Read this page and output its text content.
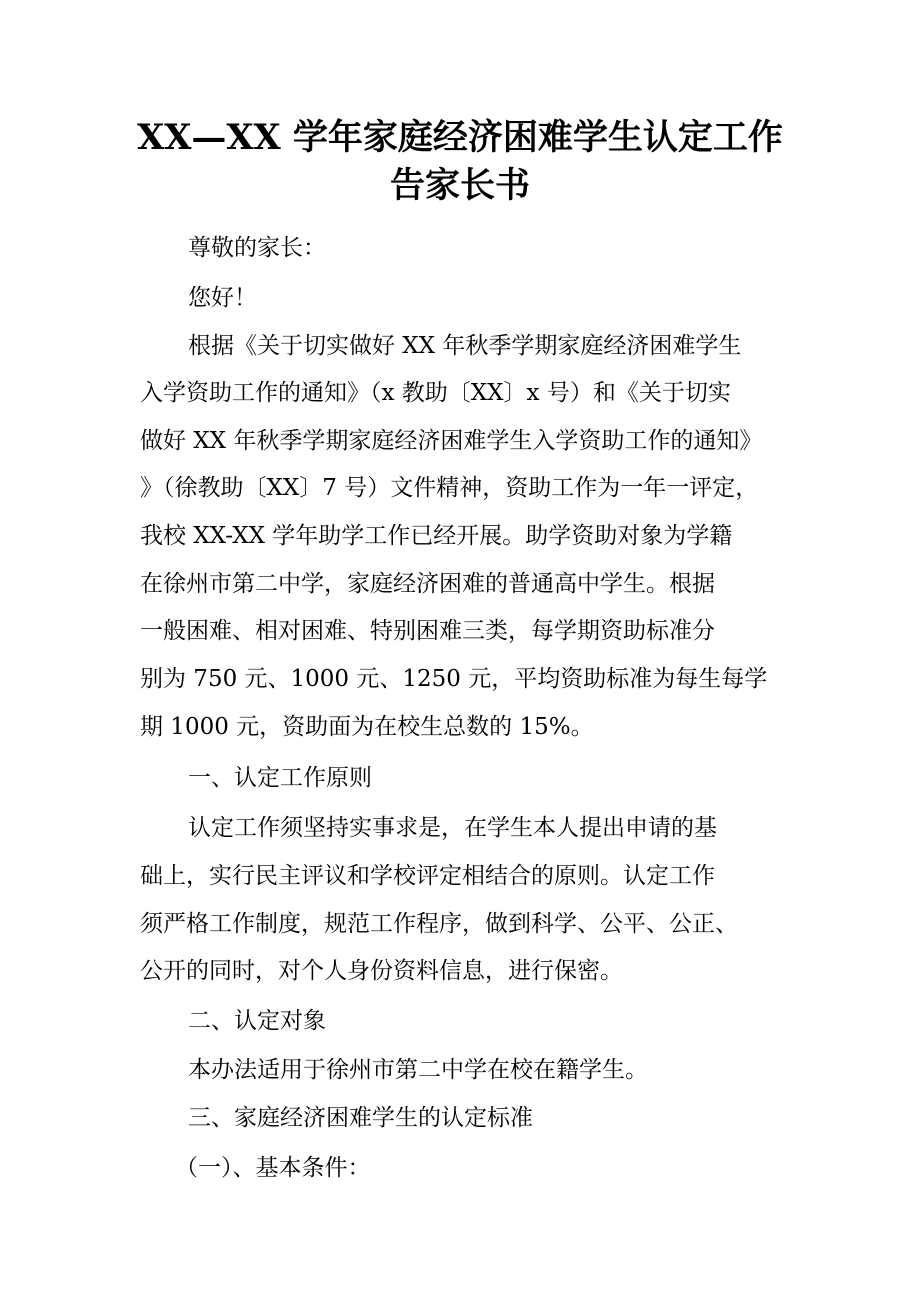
XX—XX 学年家庭经济困难学生认定工作
告家长书
尊敬的家长：
您好！
根据《关于切实做好 XX 年秋季学期家庭经济困难学生
入学资助工作的通知》（x 教助〔XX〕x 号）和《关于切实
做好 XX 年秋季学期家庭经济困难学生入学资助工作的通知》
》（徐教助〔XX〕7 号）文件精神，资助工作为一年一评定，
我校 XX-XX 学年助学工作已经开展。助学资助对象为学籍
在徐州市第二中学，家庭经济困难的普通高中学生。根据
一般困难、相对困难、特别困难三类，每学期资助标准分
别为 750 元、1000 元、1250 元，平均资助标准为每生每学
期 1000 元，资助面为在校生总数的 15%。
一、认定工作原则
认定工作须坚持实事求是，在学生本人提出申请的基
础上，实行民主评议和学校评定相结合的原则。认定工作
须严格工作制度，规范工作程序，做到科学、公平、公正、
公开的同时，对个人身份资料信息，进行保密。
二、认定对象
本办法适用于徐州市第二中学在校在籍学生。
三、家庭经济困难学生的认定标准
（一）、基本条件：
